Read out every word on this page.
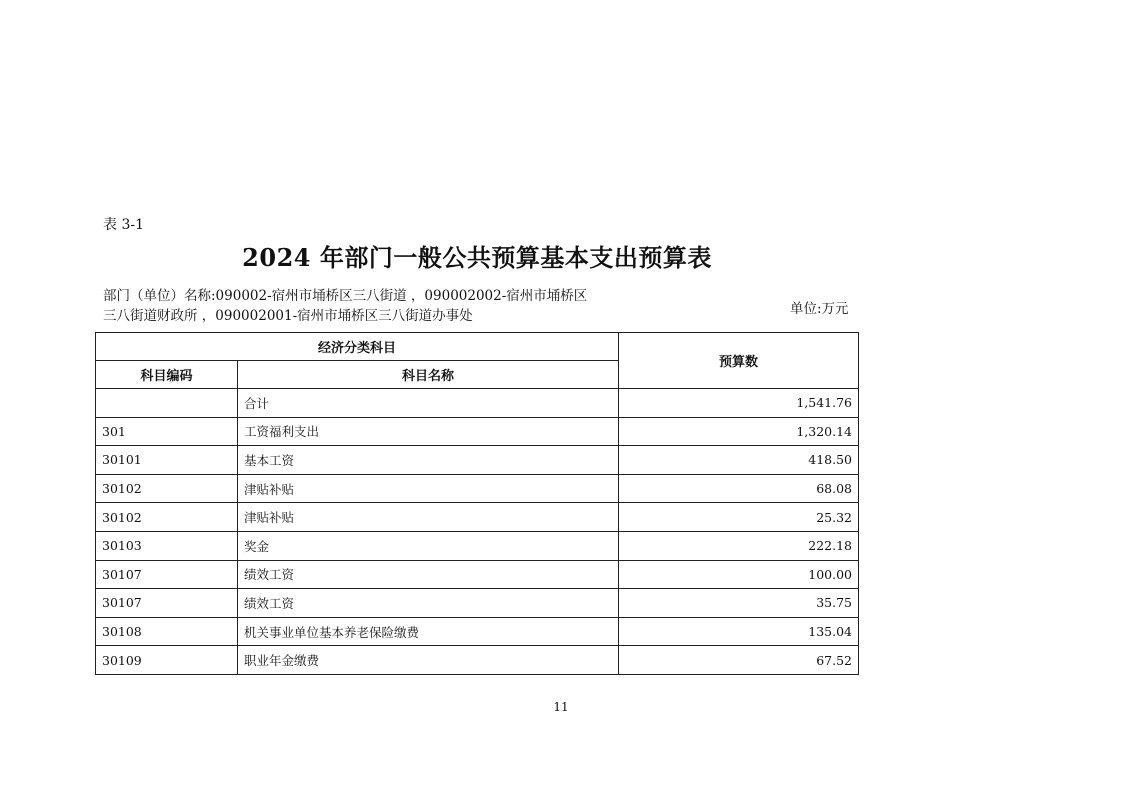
表 3-1
2024 年部门一般公共预算基本支出预算表
部门（单位）名称:090002-宿州市埇桥区三八街道 ，090002002-宿州市埇桥区
三八街道财政所 ，090002001-宿州市埇桥区三八街道办事处	单位:万元
经济分类科目		预算数
科目编码	科目名称	
	合计	1,541.76
301	工资福利支出	1,320.14
30101	基本工资	418.50
30102	津贴补贴	68.08
30102	津贴补贴	25.32
30103	奖金	222.18
30107	绩效工资	100.00
30107	绩效工资	35.75
30108	机关事业单位基本养老保险缴费	135.04
30109	职业年金缴费	67.52
11
